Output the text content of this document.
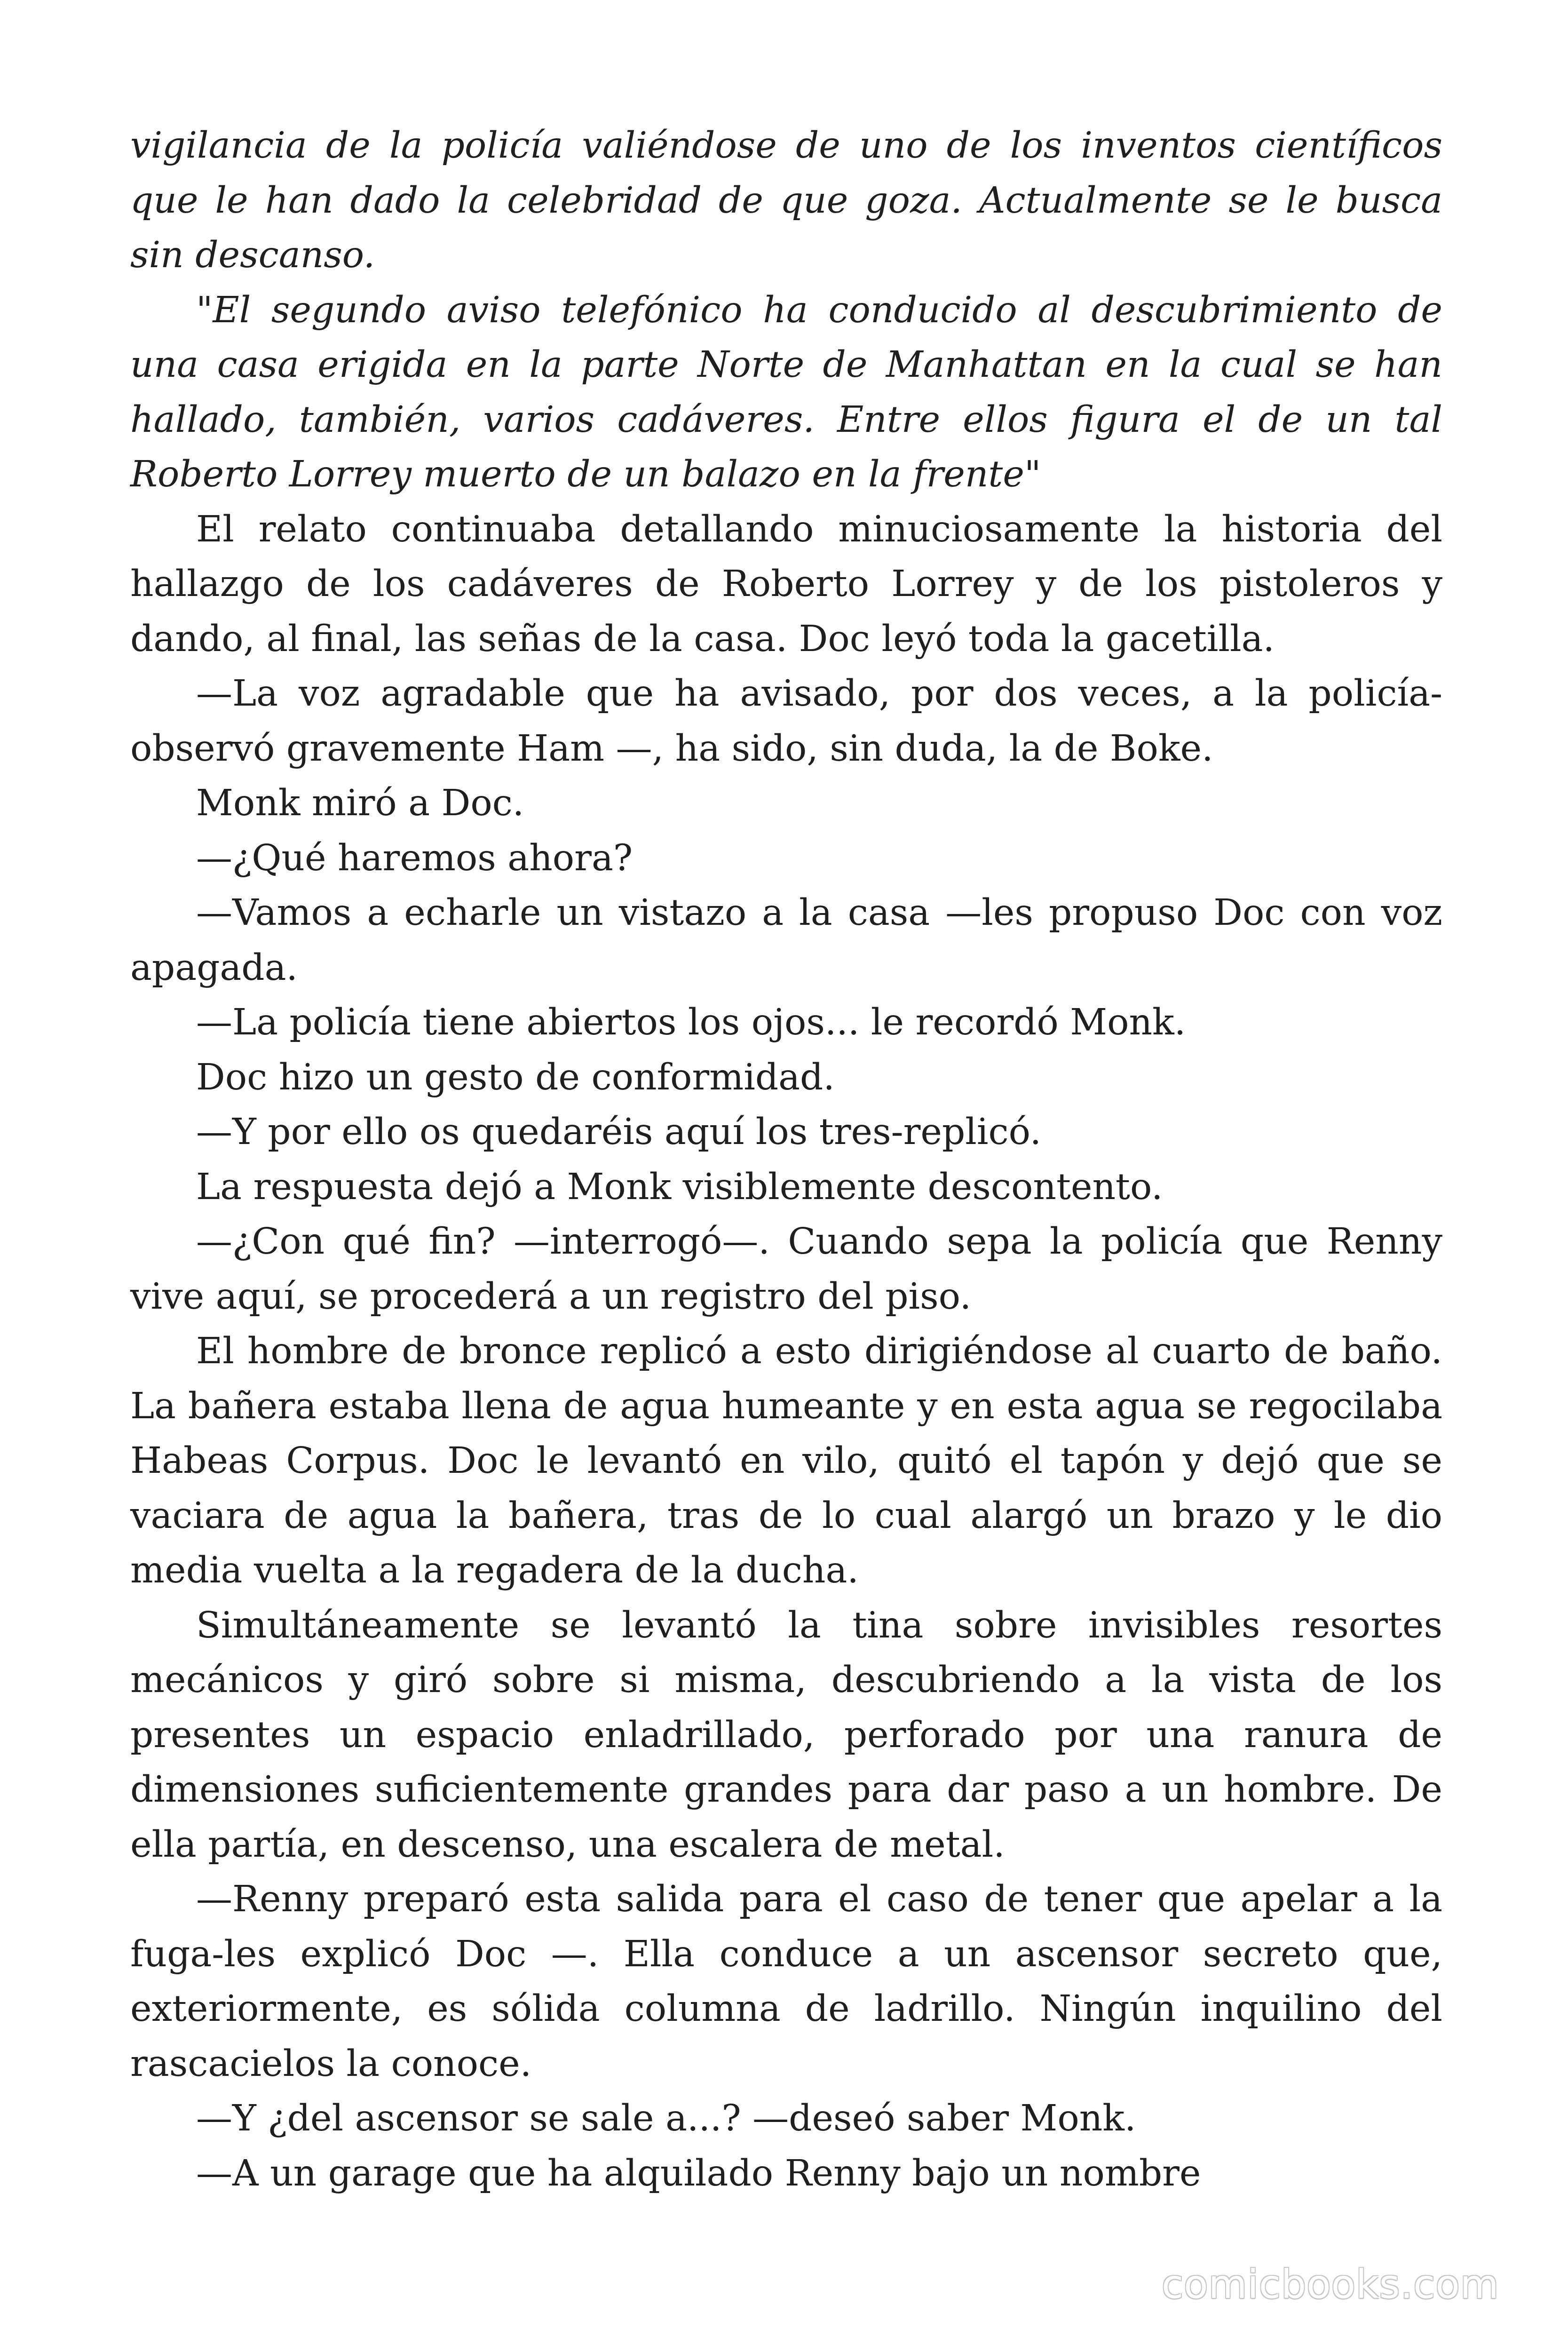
vigilancia de la policía valiéndose de uno de los inventos científicos que le han dado la celebridad de que goza. Actualmente se le busca sin descanso.

"El segundo aviso telefónico ha conducido al descubrimiento de una casa erigida en la parte Norte de Manhattan en la cual se han hallado, también, varios cadáveres. Entre ellos figura el de un tal Roberto Lorrey muerto de un balazo en la frente"

El relato continuaba detallando minuciosamente la historia del hallazgo de los cadáveres de Roberto Lorrey y de los pistoleros y dando, al final, las señas de la casa. Doc leyó toda la gacetilla.

—La voz agradable que ha avisado, por dos veces, a la policía-observó gravemente Ham —, ha sido, sin duda, la de Boke.

Monk miró a Doc.

—¿Qué haremos ahora?

—Vamos a echarle un vistazo a la casa —les propuso Doc con voz apagada.

—La policía tiene abiertos los ojos... le recordó Monk.

Doc hizo un gesto de conformidad.

—Y por ello os quedaréis aquí los tres-replicó.

La respuesta dejó a Monk visiblemente descontento.

—¿Con qué fin? —interrogó—. Cuando sepa la policía que Renny vive aquí, se procederá a un registro del piso.

El hombre de bronce replicó a esto dirigiéndose al cuarto de baño. La bañera estaba llena de agua humeante y en esta agua se regocilaba Habeas Corpus. Doc le levantó en vilo, quitó el tapón y dejó que se vaciara de agua la bañera, tras de lo cual alargó un brazo y le dio media vuelta a la regadera de la ducha.

Simultáneamente se levantó la tina sobre invisibles resortes mecánicos y giró sobre si misma, descubriendo a la vista de los presentes un espacio enladrillado, perforado por una ranura de dimensiones suficientemente grandes para dar paso a un hombre. De ella partía, en descenso, una escalera de metal.

—Renny preparó esta salida para el caso de tener que apelar a la fuga-les explicó Doc —. Ella conduce a un ascensor secreto que, exteriormente, es sólida columna de ladrillo. Ningún inquilino del rascacielos la conoce.

—Y ¿del ascensor se sale a...? —deseó saber Monk.

—A un garage que ha alquilado Renny bajo un nombre

comicbooks.com
